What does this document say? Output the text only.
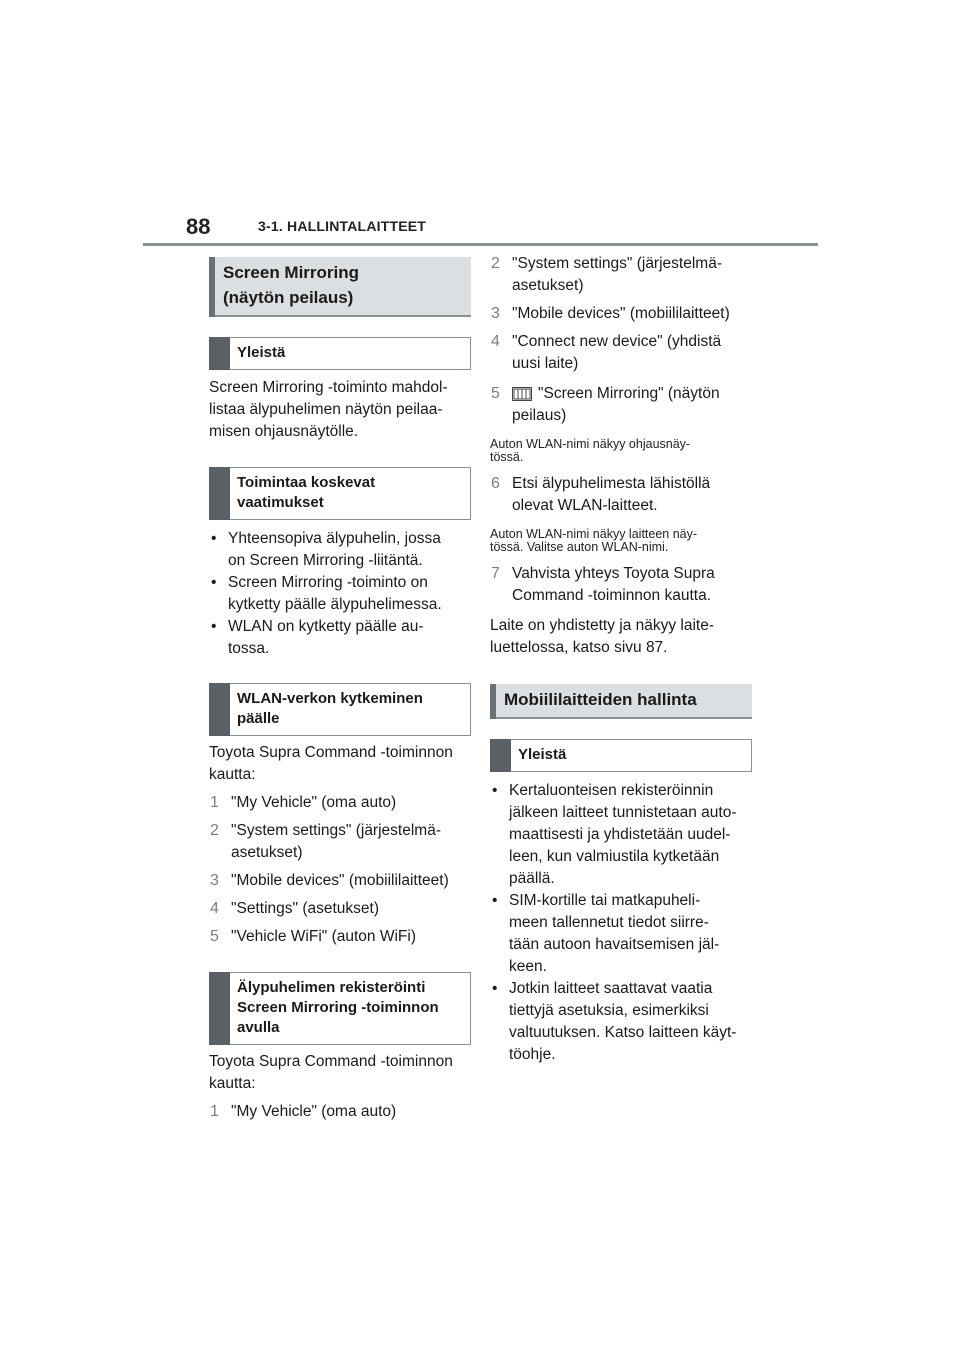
88	3-1. HALLINTALAITTEET
Screen Mirroring
(näytön peilaus)
Yleistä

Screen Mirroring -toiminto mahdol-
listaa älypuhelimen näytön peilaa-
misen ohjausnäytölle.

Toimintaa koskevat
vaatimukset
• Yhteensopiva älypuhelin, jossa
on Screen Mirroring -liitäntä.
• Screen Mirroring -toiminto on
kytketty päälle älypuhelimessa.
• WLAN on kytketty päälle au-
tossa.
WLAN-verkon kytkeminen
päälle

Toyota Supra Command -toiminnon
kautta:

1 "My Vehicle" (oma auto)
2 "System settings" (järjestelmä-
asetukset)
3 "Mobile devices" (mobiililaitteet)
4 "Settings" (asetukset)
5 "Vehicle WiFi" (auton WiFi)
Älypuhelimen rekisteröinti
Screen Mirroring -toiminnon
avulla

Toyota Supra Command -toiminnon
kautta:

1 "My Vehicle" (oma auto)
2 "System settings" (järjestelmä-
asetukset)
3 "Mobile devices" (mobiililaitteet)
4 "Connect new device" (yhdistä
uusi laite)
5 "Screen Mirroring" (näytön
peilaus)

Auton WLAN-nimi näkyy ohjausnäy-
tössä.

6 Etsi älypuhelimesta lähistöllä
olevat WLAN-laitteet.

Auton WLAN-nimi näkyy laitteen näy-
tössä. Valitse auton WLAN-nimi.

7 Vahvista yhteys Toyota Supra
Command -toiminnon kautta.

Laite on yhdistetty ja näkyy laite-
luettelossa, katso sivu 87.

Mobiililaitteiden hallinta
Yleistä
• Kertaluonteisen rekisteröinnin
jälkeen laitteet tunnistetaan auto-
maattisesti ja yhdistetään uudel-
leen, kun valmiustila kytketään
päällä.
• SIM-kortille tai matkapuheli-
meen tallennetut tiedot siirre-
tään autoon havaitsemisen jäl-
keen.
• Jotkin laitteet saattavat vaatia
tiettyjä asetuksia, esimerkiksi
valtuutuksen. Katso laitteen käyt-
töohje.
